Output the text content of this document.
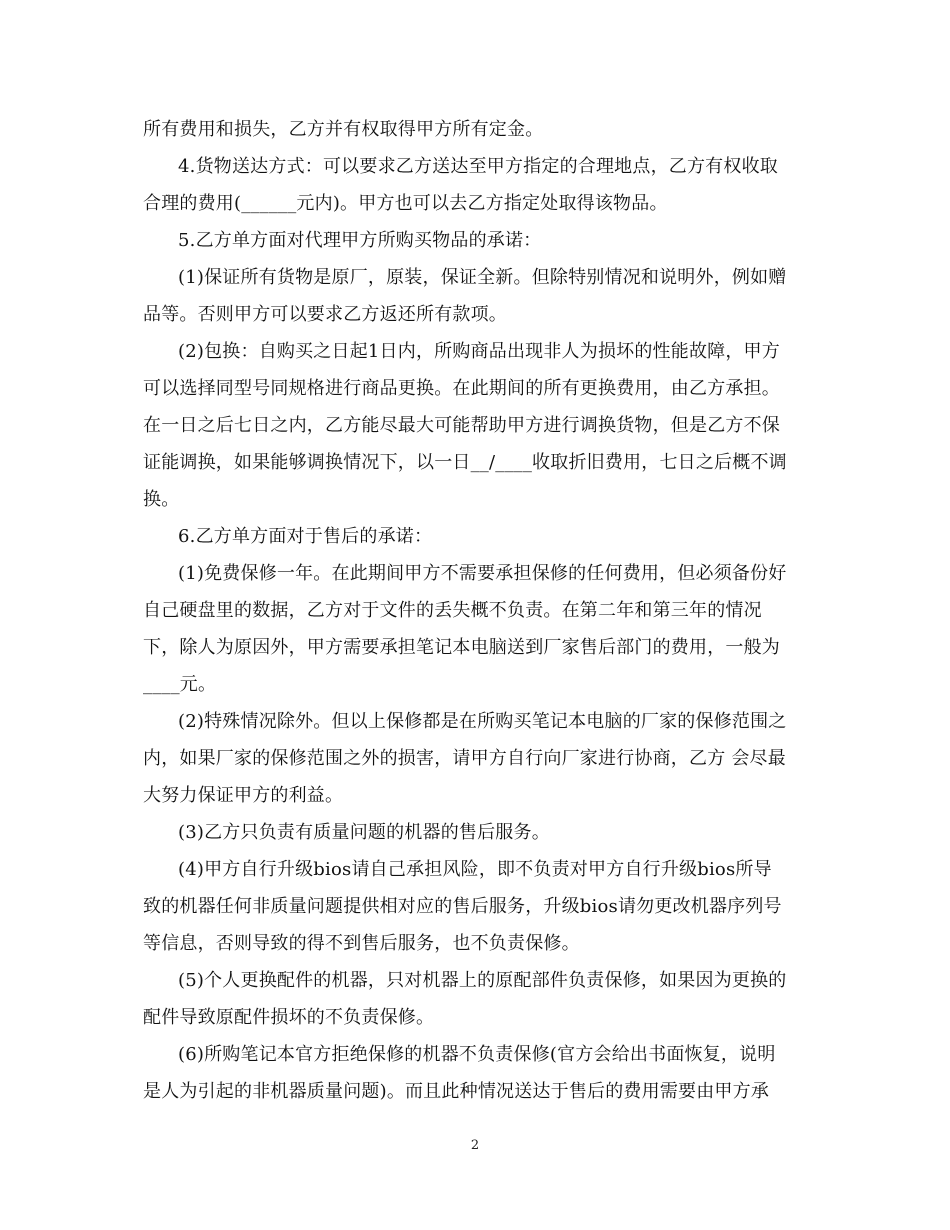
所有费用和损失，乙方并有权取得甲方所有定金。
4.货物送达方式：可以要求乙方送达至甲方指定的合理地点，乙方有权收取
合理的费用(______元内)。甲方也可以去乙方指定处取得该物品。
5.乙方单方面对代理甲方所购买物品的承诺：
(1)保证所有货物是原厂，原装，保证全新。但除特别情况和说明外，例如赠
品等。否则甲方可以要求乙方返还所有款项。
(2)包换：自购买之日起1日内，所购商品出现非人为损坏的性能故障，甲方
可以选择同型号同规格进行商品更换。在此期间的所有更换费用，由乙方承担。
在一日之后七日之内，乙方能尽最大可能帮助甲方进行调换货物，但是乙方不保
证能调换，如果能够调换情况下，以一日__/____收取折旧费用，七日之后概不调
换。
6.乙方单方面对于售后的承诺：
(1)免费保修一年。在此期间甲方不需要承担保修的任何费用，但必须备份好
自己硬盘里的数据，乙方对于文件的丢失概不负责。在第二年和第三年的情况
下，除人为原因外，甲方需要承担笔记本电脑送到厂家售后部门的费用，一般为
____元。
(2)特殊情况除外。但以上保修都是在所购买笔记本电脑的厂家的保修范围之
内，如果厂家的保修范围之外的损害，请甲方自行向厂家进行协商，乙方 会尽最
大努力保证甲方的利益。
(3)乙方只负责有质量问题的机器的售后服务。
(4)甲方自行升级bios请自己承担风险，即不负责对甲方自行升级bios所导
致的机器任何非质量问题提供相对应的售后服务，升级bios请勿更改机器序列号
等信息，否则导致的得不到售后服务，也不负责保修。
(5)个人更换配件的机器，只对机器上的原配部件负责保修，如果因为更换的
配件导致原配件损坏的不负责保修。
(6)所购笔记本官方拒绝保修的机器不负责保修(官方会给出书面恢复，说明
是人为引起的非机器质量问题)。而且此种情况送达于售后的费用需要由甲方承
2
